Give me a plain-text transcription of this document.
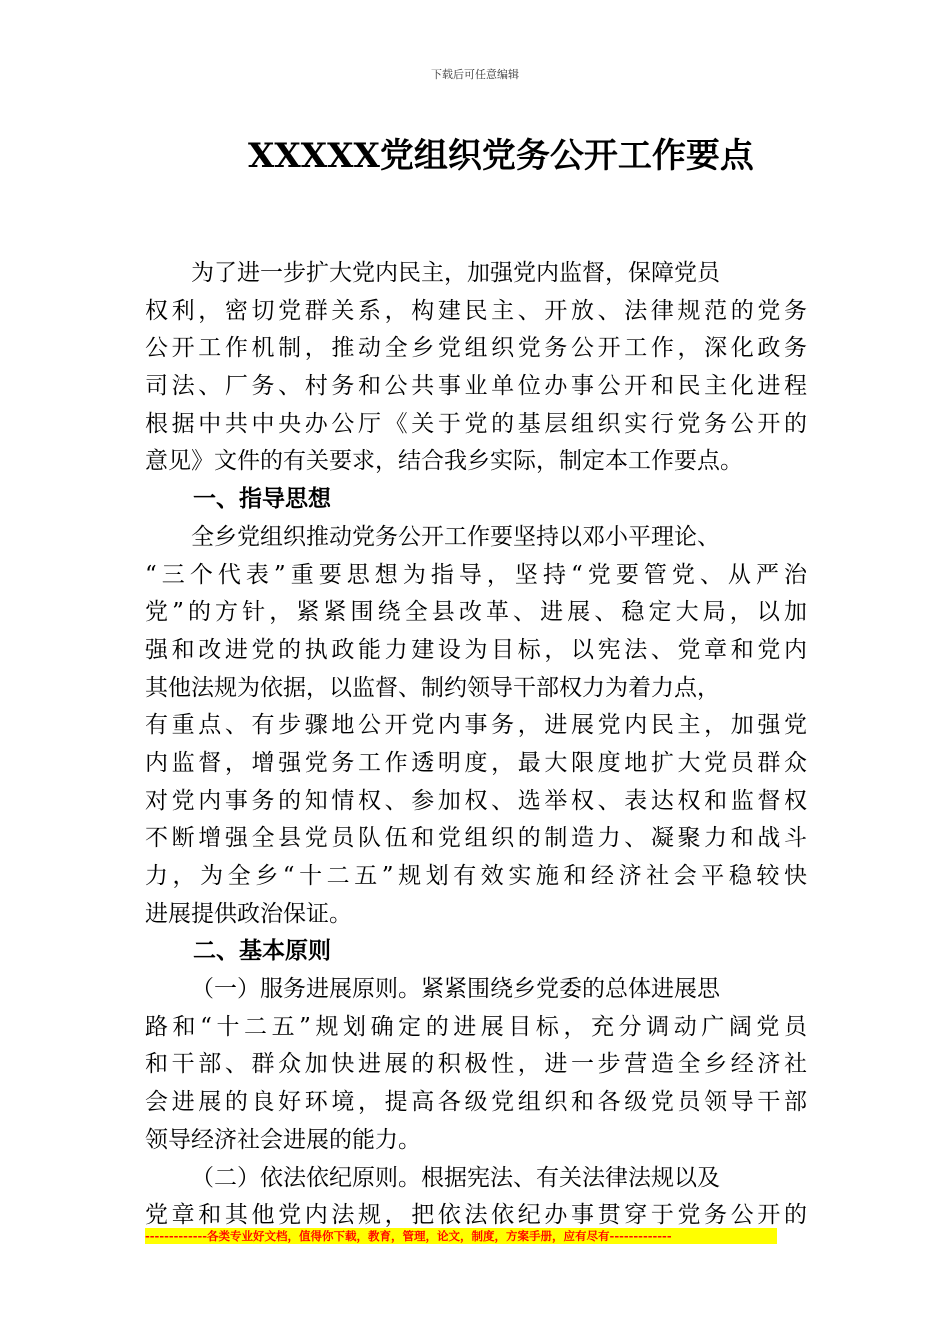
下载后可任意编辑
XXXXX党组织党务公开工作要点
为了进一步扩大党内民主，加强党内监督，保障党员
权利，密切党群关系，构建民主、开放、法律规范的党务
公开工作机制，推动全乡党组织党务公开工作，深化政务
司法、厂务、村务和公共事业单位办事公开和民主化进程
根据中共中央办公厅《关于党的基层组织实行党务公开的
意见》文件的有关要求，结合我乡实际，制定本工作要点。
一、指导思想
全乡党组织推动党务公开工作要坚持以邓小平理论、
“三个代表”重要思想为指导，坚持“党要管党、从严治
党”的方针，紧紧围绕全县改革、进展、稳定大局，以加
强和改进党的执政能力建设为目标，以宪法、党章和党内
其他法规为依据，以监督、制约领导干部权力为着力点，
有重点、有步骤地公开党内事务，进展党内民主，加强党
内监督，增强党务工作透明度，最大限度地扩大党员群众
对党内事务的知情权、参加权、选举权、表达权和监督权
不断增强全县党员队伍和党组织的制造力、凝聚力和战斗
力，为全乡“十二五”规划有效实施和经济社会平稳较快
进展提供政治保证。
二、基本原则
（一）服务进展原则。紧紧围绕乡党委的总体进展思
路和“十二五”规划确定的进展目标，充分调动广阔党员
和干部、群众加快进展的积极性，进一步营造全乡经济社
会进展的良好环境，提高各级党组织和各级党员领导干部
领导经济社会进展的能力。
（二）依法依纪原则。根据宪法、有关法律法规以及
党章和其他党内法规，把依法依纪办事贯穿于党务公开的
-------------各类专业好文档，值得你下载，教育，管理，论文，制度，方案手册，应有尽有-------------
